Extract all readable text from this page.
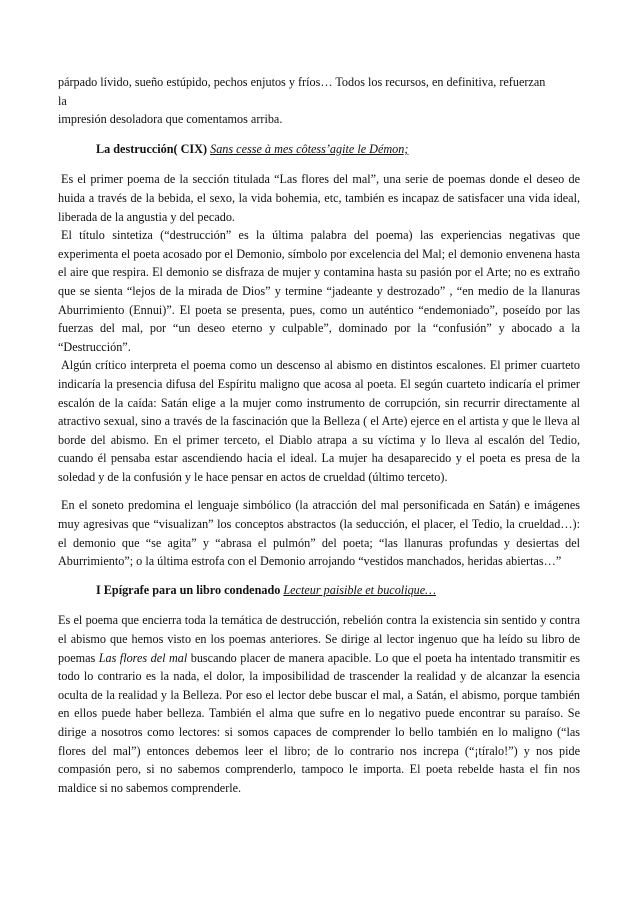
párpado lívido, sueño estúpido, pechos enjutos y fríos… Todos los recursos, en definitiva, refuerzan

la

impresión desoladora que comentamos arriba.

La destrucción( CIX) Sans cesse à mes côtess’agite le Démon;

Es el primer poema de la sección titulada “Las flores del mal”, una serie de poemas donde el deseo de huida a través de la bebida, el sexo, la vida bohemia, etc, también es incapaz de satisfacer una vida ideal, liberada de la angustia y del pecado.

El título sintetiza (“destrucción” es la última palabra del poema) las experiencias negativas que experimenta el poeta acosado por el Demonio, símbolo por excelencia del Mal; el demonio envenena hasta el aire que respira. El demonio se disfraza de mujer y contamina hasta su pasión por el Arte; no es extraño que se sienta “lejos de la mirada de Dios” y termine “jadeante y destrozado” , “en medio de la llanuras Aburrimiento (Ennui)”. El poeta se presenta, pues, como un auténtico “endemoniado”, poseído por las fuerzas del mal, por “un deseo eterno y culpable”, dominado por la “confusión” y abocado a la “Destrucción”.

Algún crítico interpreta el poema como un descenso al abismo en distintos escalones. El primer cuarteto indicaría la presencia difusa del Espíritu maligno que acosa al poeta. El según cuarteto indicaría el primer escalón de la caída: Satán elige a la mujer como instrumento de corrupción, sin recurrir directamente al atractivo sexual, sino a través de la fascinación que la Belleza ( el Arte) ejerce en el artista y que le lleva al borde del abismo. En el primer terceto, el Diablo atrapa a su víctima y lo lleva al escalón del Tedio, cuando él pensaba estar ascendiendo hacia el ideal. La mujer ha desaparecido y el poeta es presa de la soledad y de la confusión y le hace pensar en actos de crueldad (último terceto).

En el soneto predomina el lenguaje simbólico (la atracción del mal personificada en Satán) e imágenes muy agresivas que “visualizan” los conceptos abstractos (la seducción, el placer, el Tedio, la crueldad…): el demonio que “se agita” y “abrasa el pulmón” del poeta; “las llanuras profundas y desiertas del Aburrimiento”; o la última estrofa con el Demonio arrojando “vestidos manchados, heridas abiertas…”

I Epígrafe para un libro condenado Lecteur paisible et bucolique…

Es el poema que encierra toda la temática de destrucción, rebelión contra la existencia sin sentido y contra el abismo que hemos visto en los poemas anteriores. Se dirige al lector ingenuo que ha leído su libro de poemas Las flores del mal buscando placer de manera apacible. Lo que el poeta ha intentado transmitir es todo lo contrario es la nada, el dolor, la imposibilidad de trascender la realidad y de alcanzar la esencia oculta de la realidad y la Belleza. Por eso el lector debe buscar el mal, a Satán, el abismo, porque también en ellos puede haber belleza. También el alma que sufre en lo negativo puede encontrar su paraíso. Se dirige a nosotros como lectores: si somos capaces de comprender lo bello también en lo maligno (“las flores del mal”) entonces debemos leer el libro; de lo contrario nos increpa (“¡tíralo!”) y nos pide compasión pero, si no sabemos comprenderlo, tampoco le importa. El poeta rebelde hasta el fin nos maldice si no sabemos comprenderle.
